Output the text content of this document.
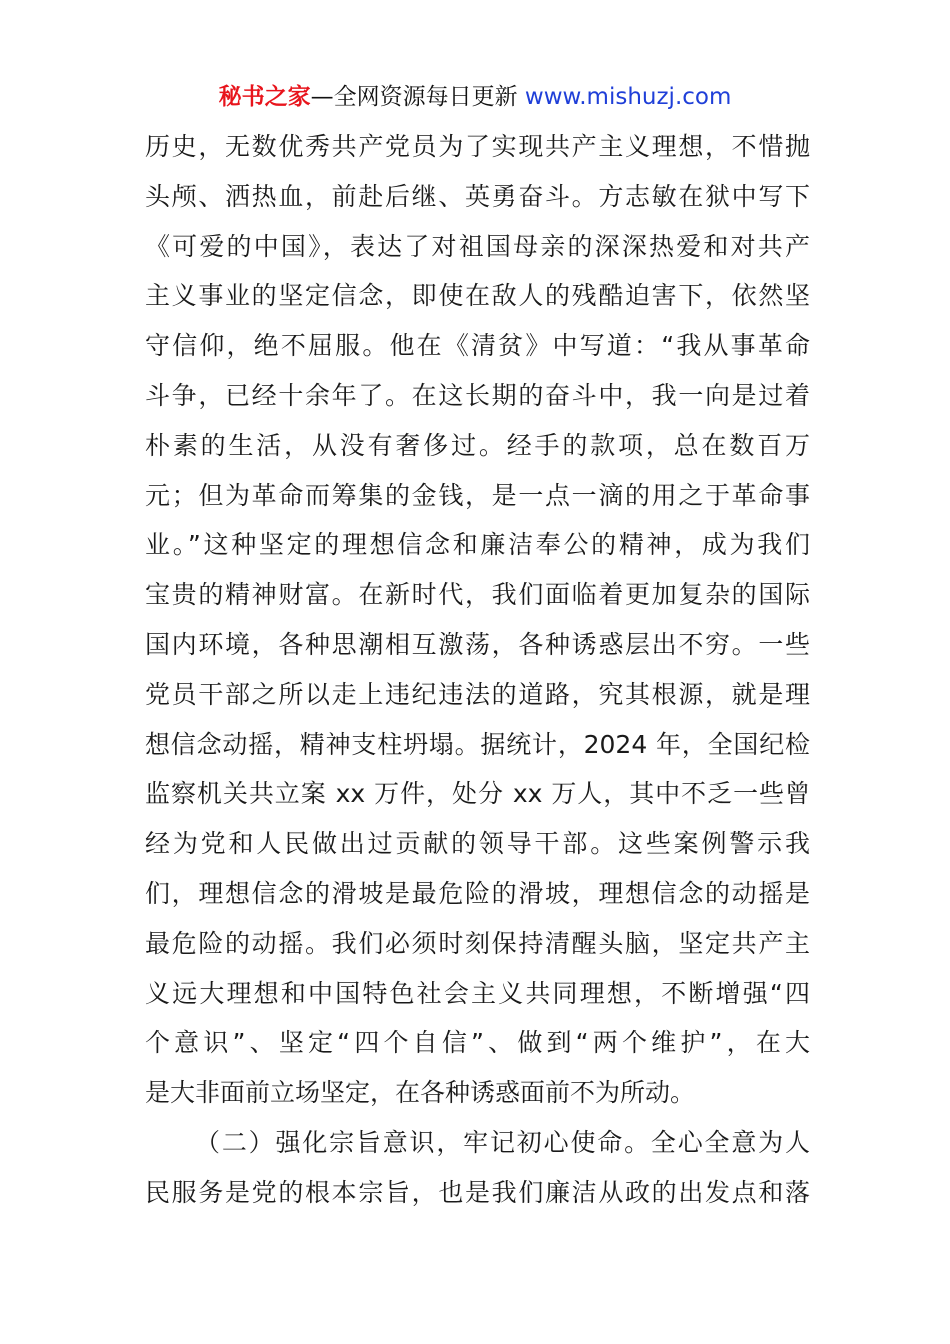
秘书之家—全网资源每日更新 www.mishuzj.com
历史，无数优秀共产党员为了实现共产主义理想，不惜抛
头颅、洒热血，前赴后继、英勇奋斗。方志敏在狱中写下
《可爱的中国》，表达了对祖国母亲的深深热爱和对共产
主义事业的坚定信念，即使在敌人的残酷迫害下，依然坚
守信仰，绝不屈服。他在《清贫》中写道：“我从事革命
斗争，已经十余年了。在这长期的奋斗中，我一向是过着
朴素的生活，从没有奢侈过。经手的款项，总在数百万
元；但为革命而筹集的金钱，是一点一滴的用之于革命事
业。”这种坚定的理想信念和廉洁奉公的精神，成为我们
宝贵的精神财富。在新时代，我们面临着更加复杂的国际
国内环境，各种思潮相互激荡，各种诱惑层出不穷。一些
党员干部之所以走上违纪违法的道路，究其根源，就是理
想信念动摇，精神支柱坍塌。据统计，2024 年，全国纪检
监察机关共立案 xx 万件，处分 xx 万人，其中不乏一些曾
经为党和人民做出过贡献的领导干部。这些案例警示我
们，理想信念的滑坡是最危险的滑坡，理想信念的动摇是
最危险的动摇。我们必须时刻保持清醒头脑，坚定共产主
义远大理想和中国特色社会主义共同理想，不断增强“四
个意识”、坚定“四个自信”、做到“两个维护”，在大
是大非面前立场坚定，在各种诱惑面前不为所动。
（二）强化宗旨意识，牢记初心使命。全心全意为人
民服务是党的根本宗旨，也是我们廉洁从政的出发点和落
